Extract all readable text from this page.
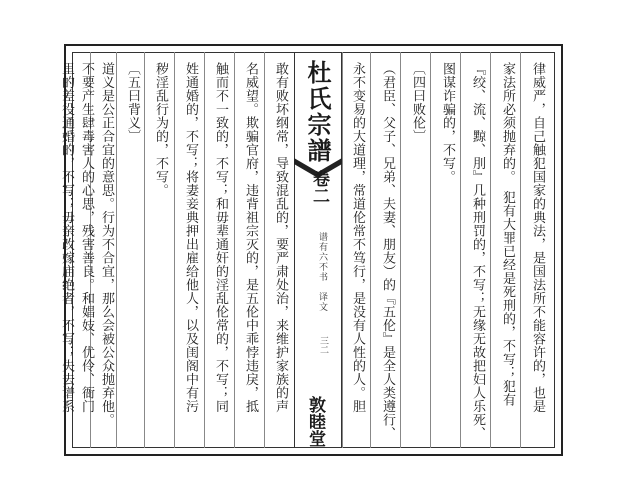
律威严，自己触犯国家的典法，是国法所不能容许的，也是
家法所必须抛弃的。　犯有大罪已经是死刑的，不写；犯有
『绞、流、黥、刖』几种刑罚的，不写；无缘无故把妇人乐死、
图谋诈骗的，不写。
〔四曰败伦〕
（君臣、父子、兄弟、夫妻、朋友）的『五伦』是全人类遵行、
永不变易的大道理，常道伦常不笃行，是没有人性的人。胆
杜氏宗譜
卷二
谱有六不书　译文
三二
敦睦堂
敢有败坏纲常，导致混乱的，要严肃处治，来维护家族的声
名威望。欺骗官府，违背祖宗灭的，是五伦中乖悖违戾，抵
触而不一致的，不写；和毋辈通奸的淫乱伦常的，不写；同
姓通婚的，不写；将妻妾典押出雇给他人，以及闺阁中有污
秽淫乱行为的，不写。
〔五曰背义〕
道义是公正合宜的意思。行为不合宜，那么会被公众抛弃他。
不要产生肆毒害人的心思，残害善良。和娼妓、优伶、衙门
里的差役通婚的，不写；毋亲改嫁庙绝者，不写；失去谱系
